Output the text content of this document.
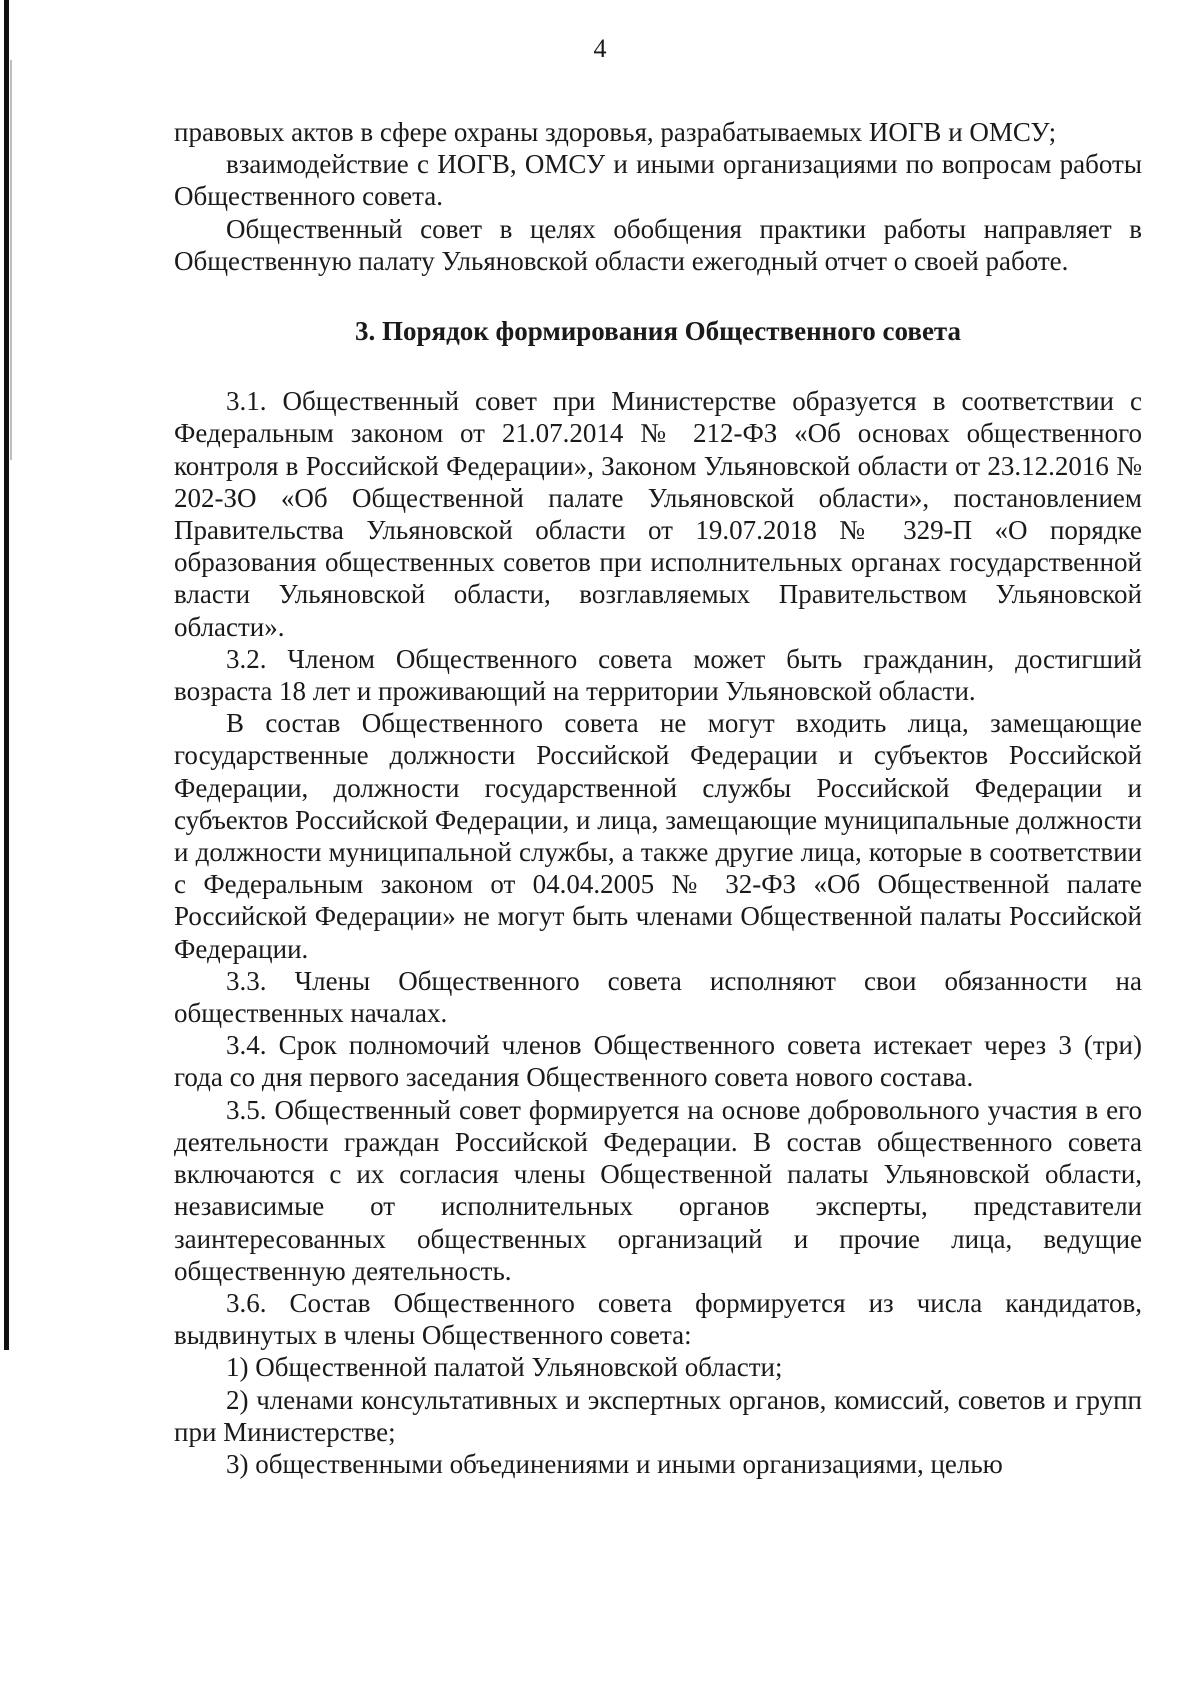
4

правовых актов в сфере охраны здоровья, разрабатываемых ИОГВ и ОМСУ;

взаимодействие с ИОГВ, ОМСУ и иными организациями по вопросам работы Общественного совета.

Общественный совет в целях обобщения практики работы направляет в Общественную палату Ульяновской области ежегодный отчет о своей работе.

3. Порядок формирования Общественного совета

3.1. Общественный совет при Министерстве образуется в соответствии с Федеральным законом от 21.07.2014 № 212-ФЗ «Об основах общественного контроля в Российской Федерации», Законом Ульяновской области от 23.12.2016 № 202-ЗО «Об Общественной палате Ульяновской области», постановлением Правительства Ульяновской области от 19.07.2018 № 329-П «О порядке образования общественных советов при исполнительных органах государственной власти Ульяновской области, возглавляемых Правительством Ульяновской области».

3.2. Членом Общественного совета может быть гражданин, достигший возраста 18 лет и проживающий на территории Ульяновской области.

В состав Общественного совета не могут входить лица, замещающие государственные должности Российской Федерации и субъектов Российской Федерации, должности государственной службы Российской Федерации и субъектов Российской Федерации, и лица, замещающие муниципальные должности и должности муниципальной службы, а также другие лица, которые в соответствии с Федеральным законом от 04.04.2005 № 32-ФЗ «Об Общественной палате Российской Федерации» не могут быть членами Общественной палаты Российской Федерации.

3.3. Члены Общественного совета исполняют свои обязанности на общественных началах.

3.4. Срок полномочий членов Общественного совета истекает через 3 (три) года со дня первого заседания Общественного совета нового состава.

3.5. Общественный совет формируется на основе добровольного участия в его деятельности граждан Российской Федерации. В состав общественного совета включаются с их согласия члены Общественной палаты Ульяновской области, независимые от исполнительных органов эксперты, представители заинтересованных общественных организаций и прочие лица, ведущие общественную деятельность.

3.6. Состав Общественного совета формируется из числа кандидатов, выдвинутых в члены Общественного совета:

1) Общественной палатой Ульяновской области;

2) членами консультативных и экспертных органов, комиссий, советов и групп при Министерстве;

3) общественными объединениями и иными организациями, целью
